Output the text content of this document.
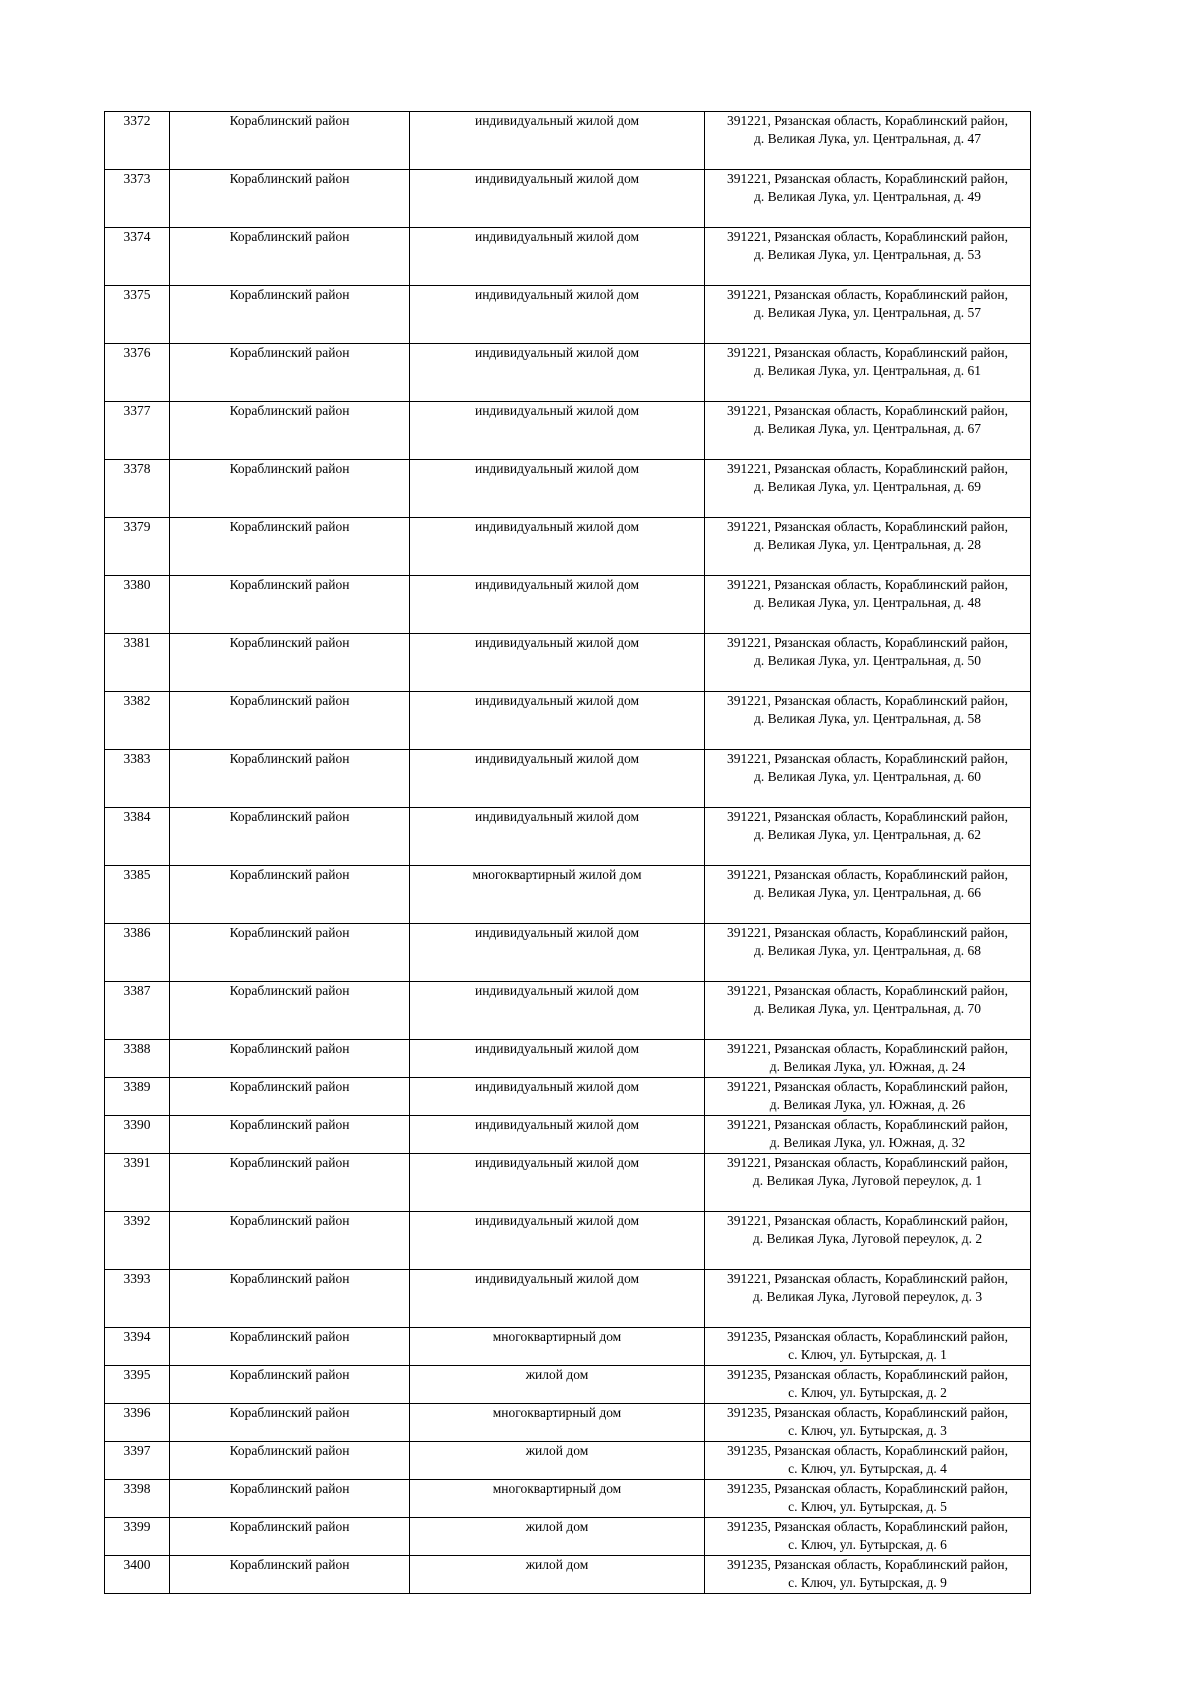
3372	Кораблинский район	индивидуальный жилой дом	391221, Рязанская область, Кораблинский район,
д. Великая Лука, ул. Центральная, д. 47

3373	Кораблинский район	индивидуальный жилой дом	391221, Рязанская область, Кораблинский район,
д. Великая Лука, ул. Центральная, д. 49

3374	Кораблинский район	индивидуальный жилой дом	391221, Рязанская область, Кораблинский район,
д. Великая Лука, ул. Центральная, д. 53

3375	Кораблинский район	индивидуальный жилой дом	391221, Рязанская область, Кораблинский район,
д. Великая Лука, ул. Центральная, д. 57

3376	Кораблинский район	индивидуальный жилой дом	391221, Рязанская область, Кораблинский район,
д. Великая Лука, ул. Центральная, д. 61

3377	Кораблинский район	индивидуальный жилой дом	391221, Рязанская область, Кораблинский район,
д. Великая Лука, ул. Центральная, д. 67

3378	Кораблинский район	индивидуальный жилой дом	391221, Рязанская область, Кораблинский район,
д. Великая Лука, ул. Центральная, д. 69

3379	Кораблинский район	индивидуальный жилой дом	391221, Рязанская область, Кораблинский район,
д. Великая Лука, ул. Центральная, д. 28

3380	Кораблинский район	индивидуальный жилой дом	391221, Рязанская область, Кораблинский район,
д. Великая Лука, ул. Центральная, д. 48

3381	Кораблинский район	индивидуальный жилой дом	391221, Рязанская область, Кораблинский район,
д. Великая Лука, ул. Центральная, д. 50

3382	Кораблинский район	индивидуальный жилой дом	391221, Рязанская область, Кораблинский район,
д. Великая Лука, ул. Центральная, д. 58

3383	Кораблинский район	индивидуальный жилой дом	391221, Рязанская область, Кораблинский район,
д. Великая Лука, ул. Центральная, д. 60

3384	Кораблинский район	индивидуальный жилой дом	391221, Рязанская область, Кораблинский район,
д. Великая Лука, ул. Центральная, д. 62

3385	Кораблинский район	многоквартирный жилой дом	391221, Рязанская область, Кораблинский район,
д. Великая Лука, ул. Центральная, д. 66

3386	Кораблинский район	индивидуальный жилой дом	391221, Рязанская область, Кораблинский район,
д. Великая Лука, ул. Центральная, д. 68

3387	Кораблинский район	индивидуальный жилой дом	391221, Рязанская область, Кораблинский район,
д. Великая Лука, ул. Центральная, д. 70

3388	Кораблинский район	индивидуальный жилой дом	391221, Рязанская область, Кораблинский район,
д. Великая Лука, ул. Южная, д. 24

3389	Кораблинский район	индивидуальный жилой дом	391221, Рязанская область, Кораблинский район,
д. Великая Лука, ул. Южная, д. 26

3390	Кораблинский район	индивидуальный жилой дом	391221, Рязанская область, Кораблинский район,
д. Великая Лука, ул. Южная, д. 32

3391	Кораблинский район	индивидуальный жилой дом	391221, Рязанская область, Кораблинский район,
д. Великая Лука, Луговой переулок, д. 1

3392	Кораблинский район	индивидуальный жилой дом	391221, Рязанская область, Кораблинский район,
д. Великая Лука, Луговой переулок, д. 2

3393	Кораблинский район	индивидуальный жилой дом	391221, Рязанская область, Кораблинский район,
д. Великая Лука, Луговой переулок, д. 3

3394	Кораблинский район	многоквартирный дом	391235, Рязанская область, Кораблинский район,
с. Ключ, ул. Бутырская, д. 1

3395	Кораблинский район	жилой дом	391235, Рязанская область, Кораблинский район,
с. Ключ, ул. Бутырская, д. 2

3396	Кораблинский район	многоквартирный дом	391235, Рязанская область, Кораблинский район,
с. Ключ, ул. Бутырская, д. 3

3397	Кораблинский район	жилой дом	391235, Рязанская область, Кораблинский район,
с. Ключ, ул. Бутырская, д. 4

3398	Кораблинский район	многоквартирный дом	391235, Рязанская область, Кораблинский район,
с. Ключ, ул. Бутырская, д. 5

3399	Кораблинский район	жилой дом	391235, Рязанская область, Кораблинский район,
с. Ключ, ул. Бутырская, д. 6

3400	Кораблинский район	жилой дом	391235, Рязанская область, Кораблинский район,
с. Ключ, ул. Бутырская, д. 9
